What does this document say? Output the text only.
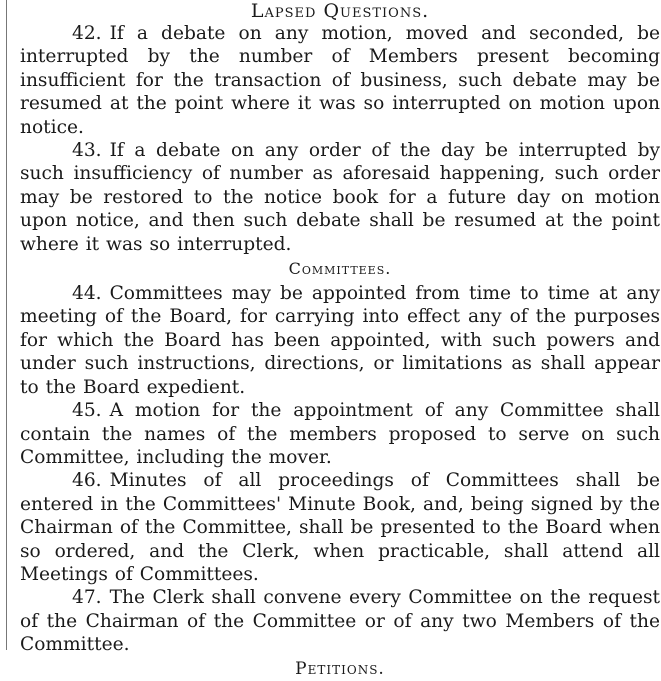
Lapsed Questions.

42. If a debate on any motion, moved and seconded, be interrupted by the number of Members present becoming insufficient for the transaction of business, such debate may be resumed at the point where it was so interrupted on motion upon notice.

43. If a debate on any order of the day be interrupted by such insufficiency of number as aforesaid happening, such order may be restored to the notice book for a future day on motion upon notice, and then such debate shall be resumed at the point where it was so interrupted.

Committees.

44. Committees may be appointed from time to time at any meeting of the Board, for carrying into effect any of the purposes for which the Board has been appointed, with such powers and under such instructions, directions, or limitations as shall appear to the Board expedient.

45. A motion for the appointment of any Committee shall contain the names of the members proposed to serve on such Committee, including the mover.

46. Minutes of all proceedings of Committees shall be entered in the Committees' Minute Book, and, being signed by the Chairman of the Committee, shall be presented to the Board when so ordered, and the Clerk, when practicable, shall attend all Meetings of Committees.

47. The Clerk shall convene every Committee on the request of the Chairman of the Committee or of any two Members of the Committee.

Petitions.
